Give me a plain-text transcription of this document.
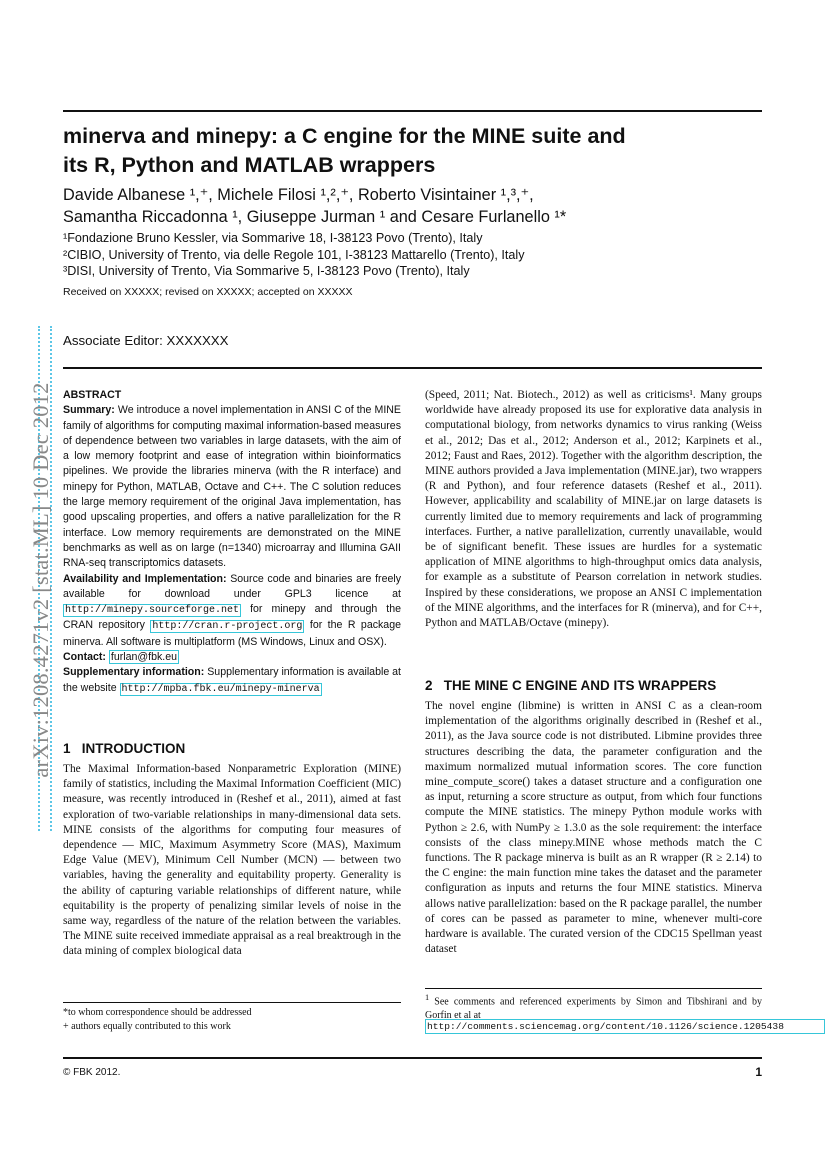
arXiv:1208.4271v2 [stat.ML] 10 Dec 2012
minerva and minepy: a C engine for the MINE suite and
its R, Python and MATLAB wrappers
Davide Albanese ¹,⁺, Michele Filosi ¹,²,⁺, Roberto Visintainer ¹,³,⁺,
Samantha Riccadonna ¹, Giuseppe Jurman ¹ and Cesare Furlanello ¹*
¹Fondazione Bruno Kessler, via Sommarive 18, I-38123 Povo (Trento), Italy
²CIBIO, University of Trento, via delle Regole 101, I-38123 Mattarello (Trento), Italy
³DISI, University of Trento, Via Sommarive 5, I-38123 Povo (Trento), Italy
Received on XXXXX; revised on XXXXX; accepted on XXXXX
Associate Editor: XXXXXXX
ABSTRACT

Summary: We introduce a novel implementation in ANSI C of the MINE family of algorithms for computing maximal information-based measures of dependence between two variables in large datasets, with the aim of a low memory footprint and ease of integration within bioinformatics pipelines. We provide the libraries minerva (with the R interface) and minepy for Python, MATLAB, Octave and C++. The C solution reduces the large memory requirement of the original Java implementation, has good upscaling properties, and offers a native parallelization for the R interface. Low memory requirements are demonstrated on the MINE benchmarks as well as on large (n=1340) microarray and Illumina GAII RNA-seq transcriptomics datasets.

Availability and Implementation: Source code and binaries are freely available for download under GPL3 licence at http://minepy.sourceforge.net for minepy and through the CRAN repository http://cran.r-project.org for the R package minerva. All software is multiplatform (MS Windows, Linux and OSX).

Contact: furlan@fbk.eu

Supplementary information: Supplementary information is available at the website http://mpba.fbk.eu/minepy-minerva

1   INTRODUCTION
The Maximal Information-based Nonparametric Exploration (MINE) family of statistics, including the Maximal Information Coefficient (MIC) measure, was recently introduced in (Reshef et al., 2011), aimed at fast exploration of two-variable relationships in many-dimensional data sets. MINE consists of the algorithms for computing four measures of dependence — MIC, Maximum Asymmetry Score (MAS), Maximum Edge Value (MEV), Minimum Cell Number (MCN) — between two variables, having the generality and equitability property. Generality is the ability of capturing variable relationships of different nature, while equitability is the property of penalizing similar levels of noise in the same way, regardless of the nature of the relation between the variables. The MINE suite received immediate appraisal as a real breaktrough in the data mining of complex biological data
(Speed, 2011; Nat. Biotech., 2012) as well as criticisms¹. Many groups worldwide have already proposed its use for explorative data analysis in computational biology, from networks dynamics to virus ranking (Weiss et al., 2012; Das et al., 2012; Anderson et al., 2012; Karpinets et al., 2012; Faust and Raes, 2012). Together with the algorithm description, the MINE authors provided a Java implementation (MINE.jar), two wrappers (R and Python), and four reference datasets (Reshef et al., 2011). However, applicability and scalability of MINE.jar on large datasets is currently limited due to memory requirements and lack of programming interfaces. Further, a native parallelization, currently unavailable, would be of significant benefit. These issues are hurdles for a systematic application of MINE algorithms to high-throughput omics data analysis, for example as a substitute of Pearson correlation in network studies. Inspired by these considerations, we propose an ANSI C implementation of the MINE algorithms, and the interfaces for R (minerva), and for C++, Python and MATLAB/Octave (minepy).
2   THE MINE C ENGINE AND ITS WRAPPERS
The novel engine (libmine) is written in ANSI C as a clean-room implementation of the algorithms originally described in (Reshef et al., 2011), as the Java source code is not distributed. Libmine provides three structures describing the data, the parameter configuration and the maximum normalized mutual information scores. The core function mine_compute_score() takes a dataset structure and a configuration one as input, returning a score structure as output, from which four functions compute the MINE statistics. The minepy Python module works with Python ≥ 2.6, with NumPy ≥ 1.3.0 as the sole requirement: the interface consists of the class minepy.MINE whose methods match the C functions. The R package minerva is built as an R wrapper (R ≥ 2.14) to the C engine: the main function mine takes the dataset and the parameter configuration as inputs and returns the four MINE statistics. Minerva allows native parallelization: based on the R package parallel, the number of cores can be passed as parameter to mine, whenever multi-core hardware is available. The curated version of the CDC15 Spellman yeast dataset
*to whom correspondence should be addressed
+ authors equally contributed to this work
$^1$ See comments and referenced experiments by Simon and Tibshirani and by Gorfin et al at
http://comments.sciencemag.org/content/10.1126/science.1205438
© FBK 2012.	1
